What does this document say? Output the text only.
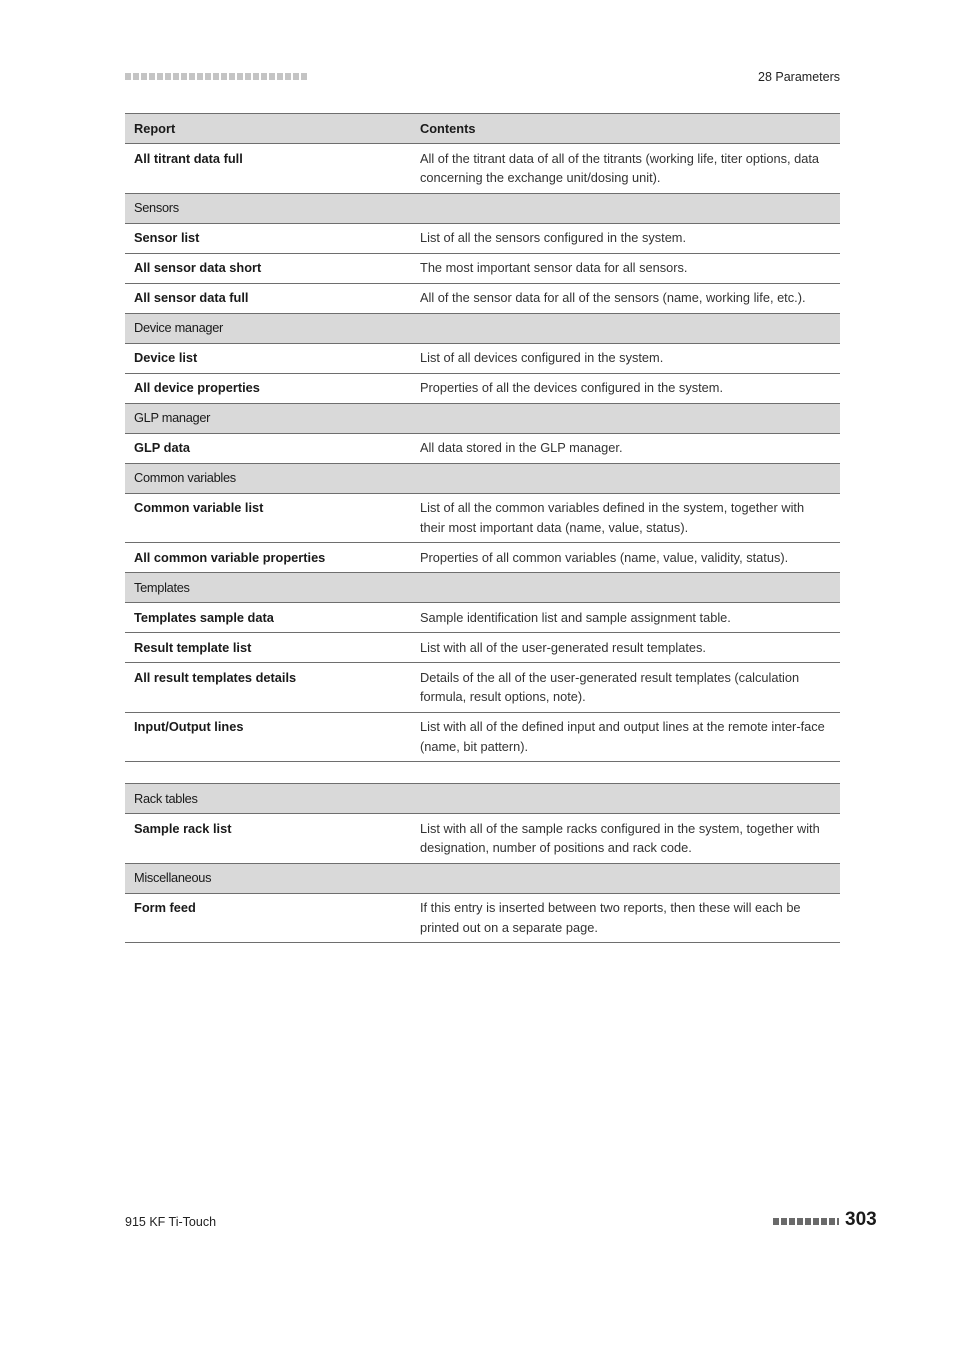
28 Parameters
Report	Contents
All titrant data full	All of the titrant data of all of the titrants (working life, titer options, data concerning the exchange unit/dosing unit).
Sensors	
Sensor list	List of all the sensors configured in the system.
All sensor data short	The most important sensor data for all sensors.
All sensor data full	All of the sensor data for all of the sensors (name, working life, etc.).
Device manager	
Device list	List of all devices configured in the system.
All device properties	Properties of all the devices configured in the system.
GLP manager	
GLP data	All data stored in the GLP manager.
Common variables	
Common variable list	List of all the common variables defined in the system, together with their most important data (name, value, status).
All common variable properties	Properties of all common variables (name, value, validity, status).
Templates	
Templates sample data	Sample identification list and sample assignment table.
Result template list	List with all of the user-generated result templates.
All result templates details	Details of the all of the user-generated result templates (calculation formula, result options, note).
Input/Output lines	List with all of the defined input and output lines at the remote inter-face (name, bit pattern).
Rack tables	
Sample rack list	List with all of the sample racks configured in the system, together with designation, number of positions and rack code.
Miscellaneous	
Form feed	If this entry is inserted between two reports, then these will each be printed out on a separate page.
915 KF Ti-Touch	303
